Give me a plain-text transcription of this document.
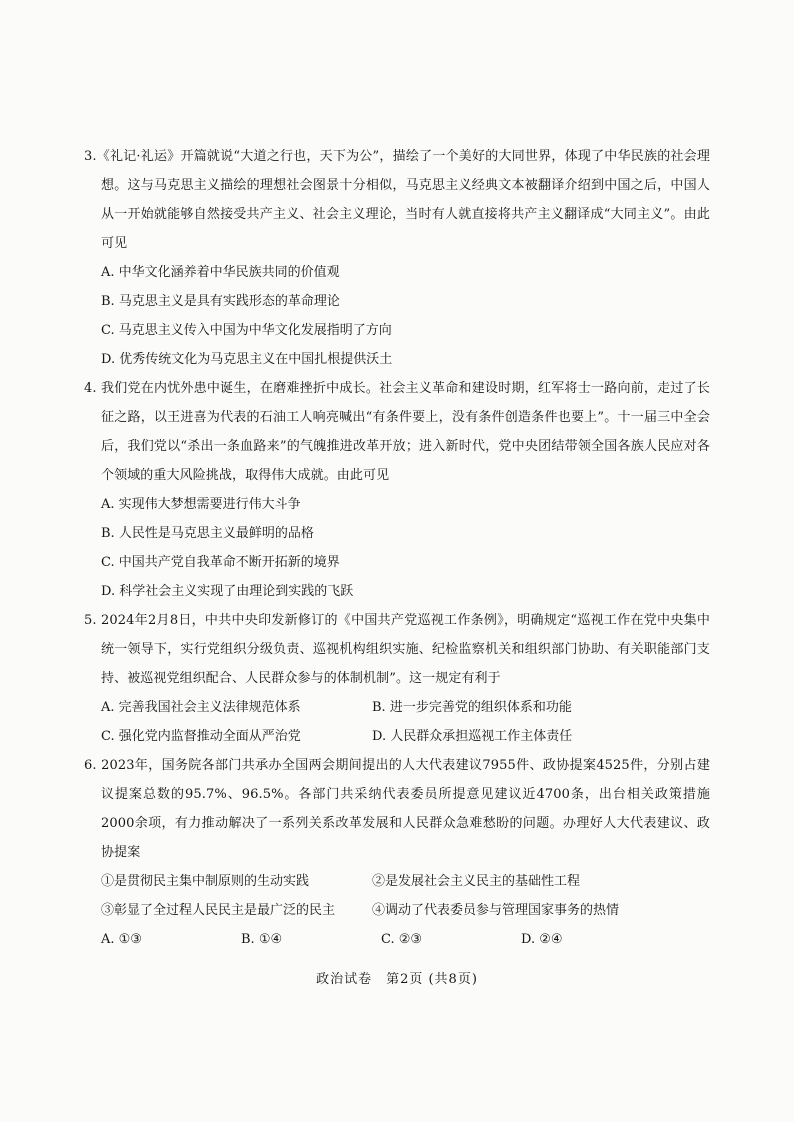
3.《礼记·礼运》开篇就说“大道之行也，天下为公”，描绘了一个美好的大同世界，体现了中华民族的社会理想。这与马克思主义描绘的理想社会图景十分相似，马克思主义经典文本被翻译介绍到中国之后，中国人从一开始就能够自然接受共产主义、社会主义理论，当时有人就直接将共产主义翻译成“大同主义”。由此可见

A. 中华文化涵养着中华民族共同的价值观

B. 马克思主义是具有实践形态的革命理论

C. 马克思主义传入中国为中华文化发展指明了方向

D. 优秀传统文化为马克思主义在中国扎根提供沃土

4. 我们党在内忧外患中诞生，在磨难挫折中成长。社会主义革命和建设时期，红军将士一路向前，走过了长征之路，以王进喜为代表的石油工人响亮喊出“有条件要上，没有条件创造条件也要上”。十一届三中全会后，我们党以“杀出一条血路来”的气魄推进改革开放；进入新时代，党中央团结带领全国各族人民应对各个领域的重大风险挑战，取得伟大成就。由此可见

A. 实现伟大梦想需要进行伟大斗争

B. 人民性是马克思主义最鲜明的品格

C. 中国共产党自我革命不断开拓新的境界

D. 科学社会主义实现了由理论到实践的飞跃

5. 2024年2月8日，中共中央印发新修订的《中国共产党巡视工作条例》，明确规定“巡视工作在党中央集中统一领导下，实行党组织分级负责、巡视机构组织实施、纪检监察机关和组织部门协助、有关职能部门支持、被巡视党组织配合、人民群众参与的体制机制”。这一规定有利于

A. 完善我国社会主义法律规范体系	B. 进一步完善党的组织体系和功能

C. 强化党内监督推动全面从严治党	D. 人民群众承担巡视工作主体责任

6. 2023年，国务院各部门共承办全国两会期间提出的人大代表建议7955件、政协提案4525件，分别占建议提案总数的95.7%、96.5%。各部门共采纳代表委员所提意见建议近4700条，出台相关政策措施2000余项，有力推动解决了一系列关系改革发展和人民群众急难愁盼的问题。办理好人大代表建议、政协提案

①是贯彻民主集中制原则的生动实践	②是发展社会主义民主的基础性工程

③彰显了全过程人民民主是最广泛的民主	④调动了代表委员参与管理国家事务的热情

A. ①③	B. ①④	C. ②③	D. ②④

政治试卷　第2页 (共8页)
